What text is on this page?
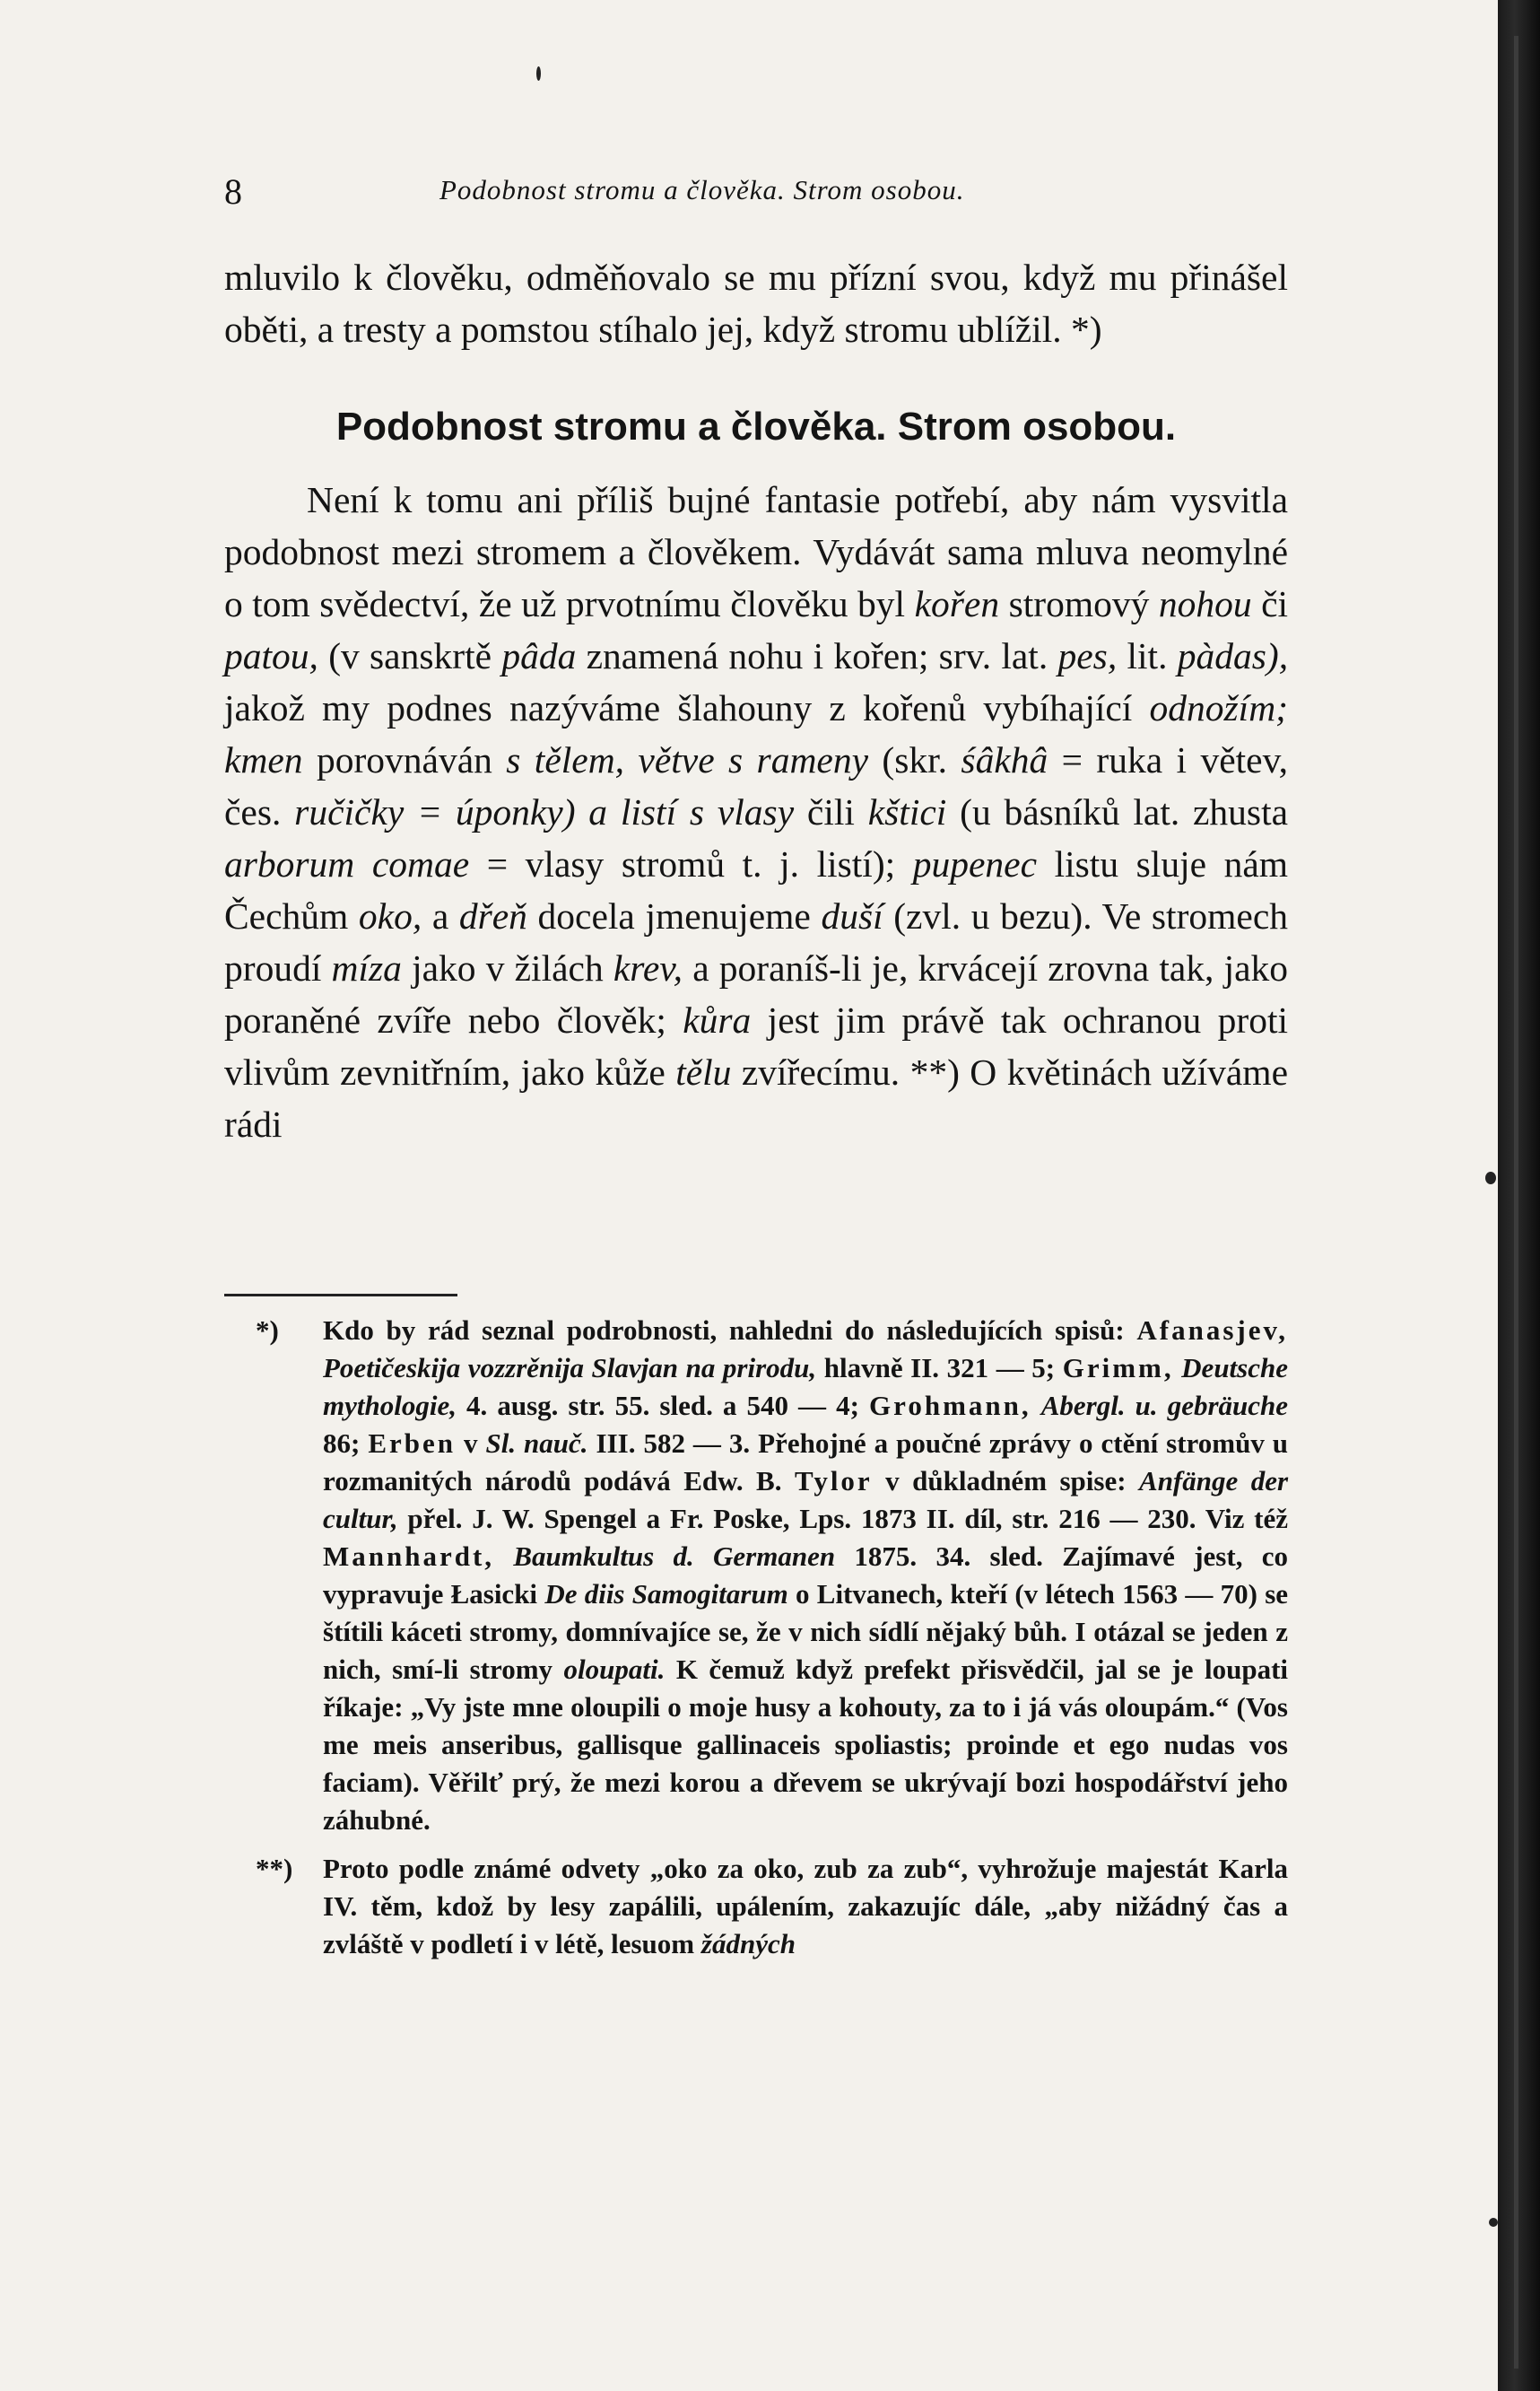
8	Podobnost stromu a člověka. Strom osobou.

mluvilo k člověku, odměňovalo se mu přízní svou, když mu přinášel oběti, a tresty a pomstou stíhalo jej, když stromu ublížil. *)

Podobnost stromu a člověka. Strom osobou.

Není k tomu ani příliš bujné fantasie potřebí, aby nám vysvitla podobnost mezi stromem a člověkem. Vydávát sama mluva neomylné o tom svědectví, že už prvotnímu člověku byl kořen stromový nohou či patou, (v sanskrtě pâda znamená nohu i kořen; srv. lat. pes, lit. pàdas), jakož my podnes nazýváme šlahouny z kořenů vybíhající odnožím; kmen porovnáván s tělem, větve s rameny (skr. śâkhâ = ruka i větev, čes. ručičky = úponky) a listí s vlasy čili kštici (u básníků lat. zhusta arborum comae = vlasy stromů t. j. listí); pupenec listu sluje nám Čechům oko, a dřeň docela jmenujeme duší (zvl. u bezu). Ve stromech proudí míza jako v žilách krev, a poraníš-li je, krvácejí zrovna tak, jako poraněné zvíře nebo člověk; kůra jest jim právě tak ochranou proti vlivům zevnitřním, jako kůže tělu zvířecímu. **) O květinách užíváme rádi

*) Kdo by rád seznal podrobnosti, nahledni do následujících spisů: Afanasjev, Poetičeskija vozzrěnija Slavjan na prirodu, hlavně II. 321 — 5; Grimm, Deutsche mythologie, 4. ausg. str. 55. sled. a 540 — 4; Grohmann, Abergl. u. gebräuche 86; Erben v Sl. nauč. III. 582 — 3. Přehojné a poučné zprávy o ctění stromův u rozmanitých národů podává Edw. B. Tylor v důkladném spise: Anfänge der cultur, přel. J. W. Spengel a Fr. Poske, Lps. 1873 II. díl, str. 216 — 230. Viz též Mannhardt, Baumkultus d. Germanen 1875. 34. sled. Zajímavé jest, co vypravuje Łasicki De diis Samogitarum o Litvanech, kteří (v létech 1563 — 70) se štítili káceti stromy, domnívajíce se, že v nich sídlí nějaký bůh. I otázal se jeden z nich, smí-li stromy oloupati. K čemuž když prefekt přisvědčil, jal se je loupati říkaje: „Vy jste mne oloupili o moje husy a kohouty, za to i já vás oloupám.“ (Vos me meis anseribus, gallisque gallinaceis spoliastis; proinde et ego nudas vos faciam). Věřilť prý, že mezi korou a dřevem se ukrývají bozi hospodářství jeho záhubné.

**) Proto podle známé odvety „oko za oko, zub za zub“, vyhrožuje majestát Karla IV. těm, kdož by lesy zapálili, upálením, zakazujíc dále, „aby nižádný čas a zvláště v podletí i v létě, lesuom žádných
